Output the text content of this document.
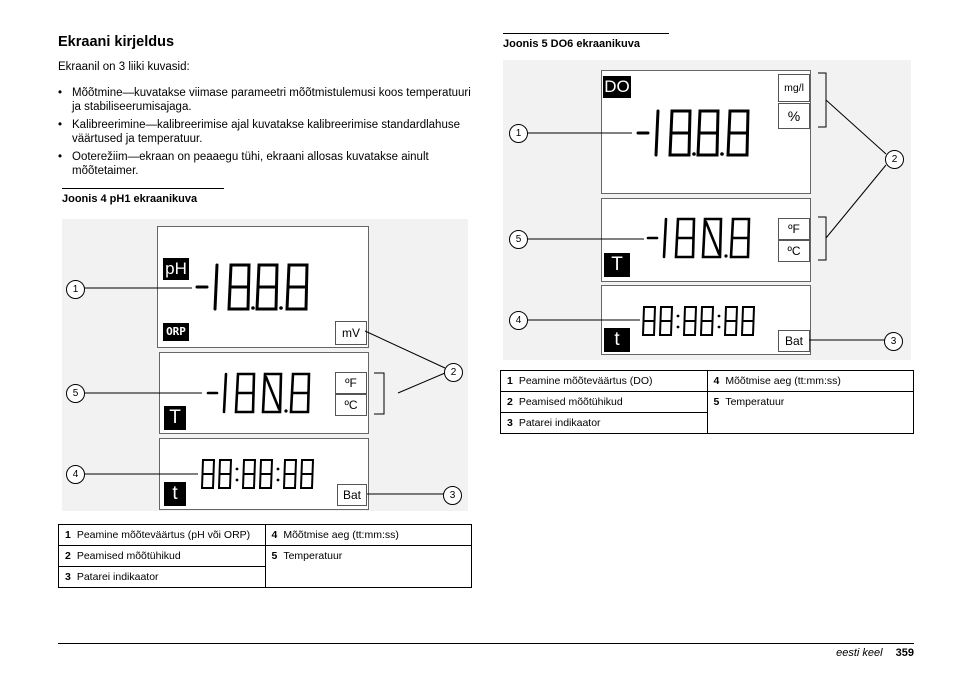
Ekraani kirjeldus

Ekraanil on 3 liiki kuvasid:

• Mõõtmine—kuvatakse viimase parameetri mõõtmistulemusi koos temperatuuri ja stabiliseerumisajaga.
• Kalibreerimine—kalibreerimise ajal kuvatakse kalibreerimise standardlahuse väärtused ja temperatuur.
• Ooterežiim—ekraan on peaaegu tühi, ekraani allosas kuvatakse ainult mõõtetaimer.
Joonis 4 pH1 ekraanikuva
pH
ORP	mV
T
ºF
ºC
t	Bat
1
2
3
4
5
1 Peamine mõõteväärtus (pH või ORP)	4 Mõõtmise aeg (tt:mm:ss)
2 Peamised mõõtühikud	5 Temperatuur
3 Patarei indikaator	
Joonis 5 DO6 ekraanikuva
DO	mg/l
%
T
ºF
ºC
t	Bat
1
2
3
4
5
1 Peamine mõõteväärtus (DO)	4 Mõõtmise aeg (tt:mm:ss)
2 Peamised mõõtühikud	5 Temperatuur
3 Patarei indikaator	
eesti keel 359
